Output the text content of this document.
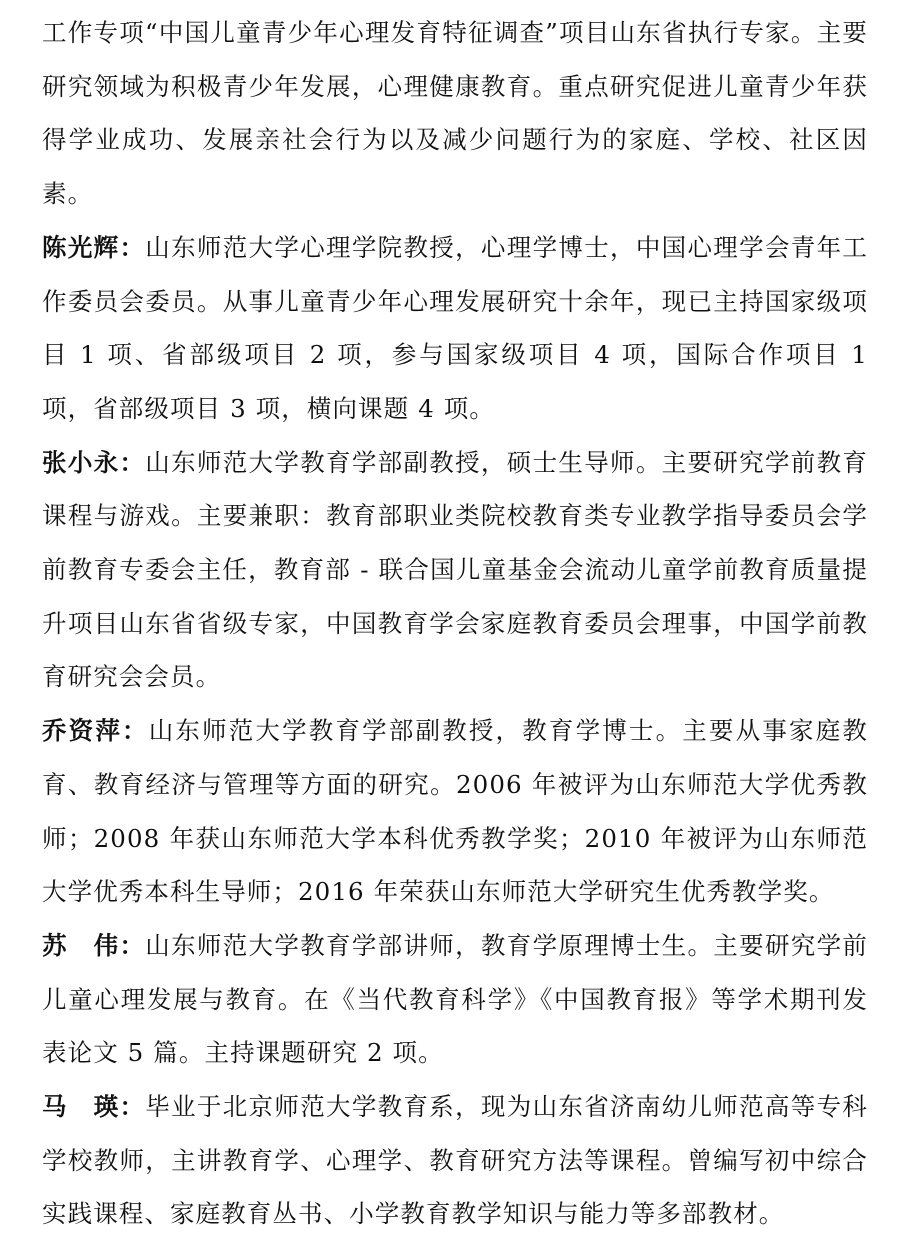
工作专项“中国儿童青少年心理发育特征调查”项目山东省执行专家。主要研究领域为积极青少年发展，心理健康教育。重点研究促进儿童青少年获得学业成功、发展亲社会行为以及减少问题行为的家庭、学校、社区因素。

陈光辉：山东师范大学心理学院教授，心理学博士，中国心理学会青年工作委员会委员。从事儿童青少年心理发展研究十余年，现已主持国家级项目 1 项、省部级项目 2 项，参与国家级项目 4 项，国际合作项目 1 项，省部级项目 3 项，横向课题 4 项。

张小永：山东师范大学教育学部副教授，硕士生导师。主要研究学前教育课程与游戏。主要兼职：教育部职业类院校教育类专业教学指导委员会学前教育专委会主任，教育部 - 联合国儿童基金会流动儿童学前教育质量提升项目山东省省级专家，中国教育学会家庭教育委员会理事，中国学前教育研究会会员。

乔资萍：山东师范大学教育学部副教授，教育学博士。主要从事家庭教育、教育经济与管理等方面的研究。2006 年被评为山东师范大学优秀教师；2008 年获山东师范大学本科优秀教学奖；2010 年被评为山东师范大学优秀本科生导师；2016 年荣获山东师范大学研究生优秀教学奖。

苏　伟：山东师范大学教育学部讲师，教育学原理博士生。主要研究学前儿童心理发展与教育。在《当代教育科学》《中国教育报》等学术期刊发表论文 5 篇。主持课题研究 2 项。

马　瑛：毕业于北京师范大学教育系，现为山东省济南幼儿师范高等专科学校教师，主讲教育学、心理学、教育研究方法等课程。曾编写初中综合实践课程、家庭教育丛书、小学教育教学知识与能力等多部教材。
